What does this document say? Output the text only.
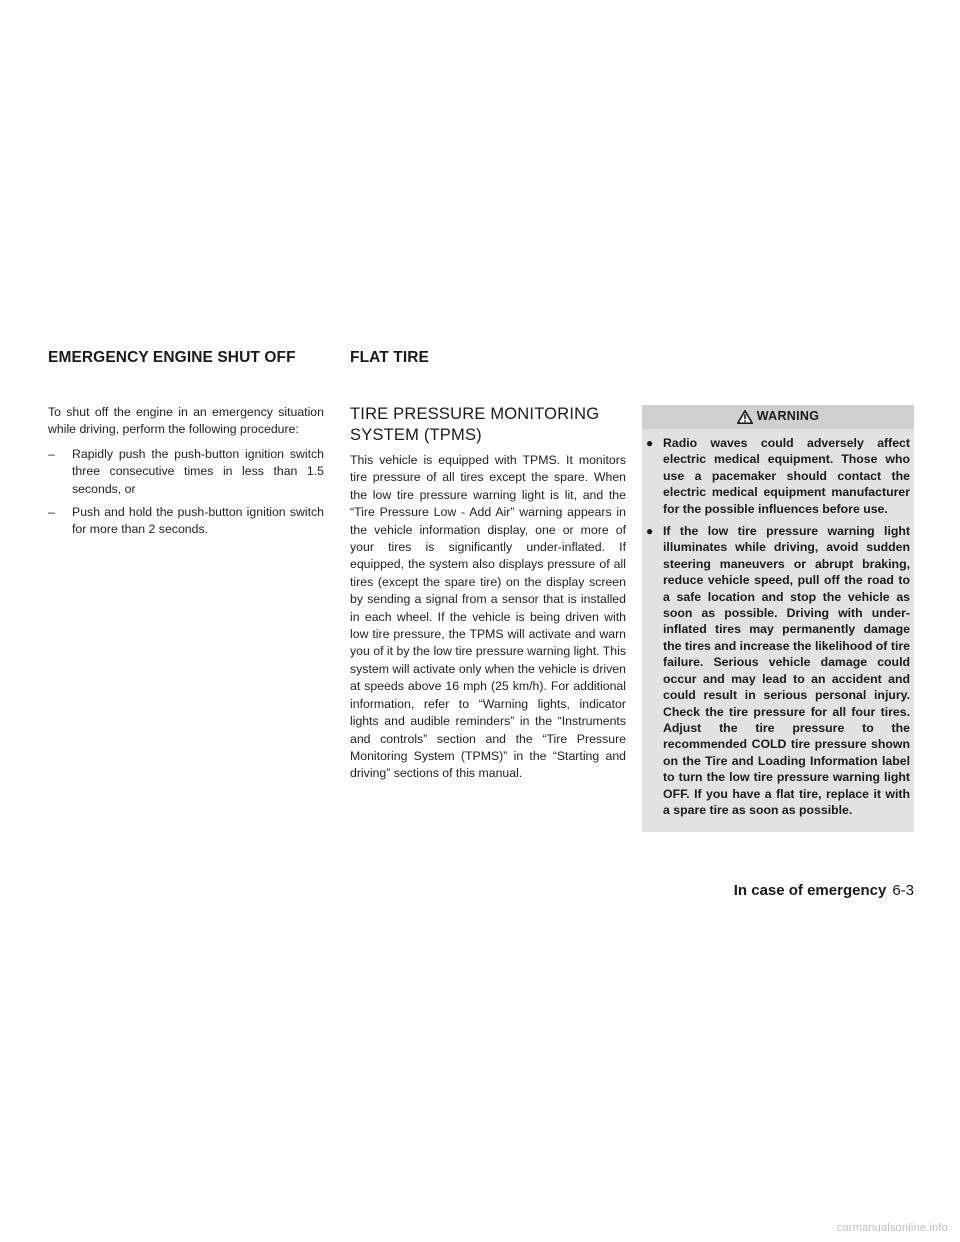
EMERGENCY ENGINE SHUT OFF	FLAT TIRE

To shut off the engine in an emergency situation while driving, perform the following procedure:

–	Rapidly push the push-button ignition switch three consecutive times in less than 1.5 seconds, or
–	Push and hold the push-button ignition switch for more than 2 seconds.
TIRE PRESSURE MONITORING SYSTEM (TPMS)

This vehicle is equipped with TPMS. It monitors tire pressure of all tires except the spare. When the low tire pressure warning light is lit, and the “Tire Pressure Low - Add Air” warning appears in the vehicle information display, one or more of your tires is significantly under-inflated. If equipped, the system also displays pressure of all tires (except the spare tire) on the display screen by sending a signal from a sensor that is installed in each wheel. If the vehicle is being driven with low tire pressure, the TPMS will activate and warn you of it by the low tire pressure warning light. This system will activate only when the vehicle is driven at speeds above 16 mph (25 km/h). For additional information, refer to “Warning lights, indicator lights and audible reminders” in the “Instruments and controls” section and the “Tire Pressure Monitoring System (TPMS)” in the “Starting and driving” sections of this manual.

WARNING
● Radio waves could adversely affect electric medical equipment. Those who use a pacemaker should contact the electric medical equipment manufacturer for the possible influences before use.
● If the low tire pressure warning light illuminates while driving, avoid sudden steering maneuvers or abrupt braking, reduce vehicle speed, pull off the road to a safe location and stop the vehicle as soon as possible. Driving with under-inflated tires may permanently damage the tires and increase the likelihood of tire failure. Serious vehicle damage could occur and may lead to an accident and could result in serious personal injury. Check the tire pressure for all four tires. Adjust the tire pressure to the recommended COLD tire pressure shown on the Tire and Loading Information label to turn the low tire pressure warning light OFF. If you have a flat tire, replace it with a spare tire as soon as possible.
In case of emergency 6-3
carmanualsonline.info
